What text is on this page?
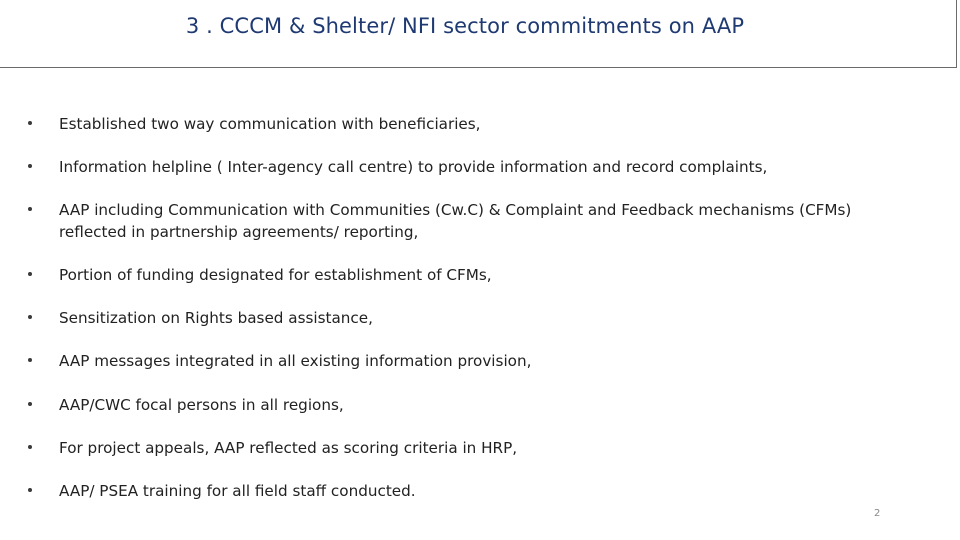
3 . CCCM & Shelter/ NFI sector commitments on AAP
Established two way communication with beneficiaries,
Information helpline ( Inter-agency call centre) to provide information and record complaints,
AAP including Communication with Communities (Cw.C) & Complaint and Feedback mechanisms (CFMs) reflected in partnership agreements/ reporting,
Portion of funding designated for establishment of CFMs,
Sensitization on Rights based assistance,
AAP messages integrated in all existing information provision,
AAP/CWC focal persons in all regions,
For project appeals, AAP reflected as scoring criteria in HRP,
AAP/ PSEA training for all field staff conducted.
2
